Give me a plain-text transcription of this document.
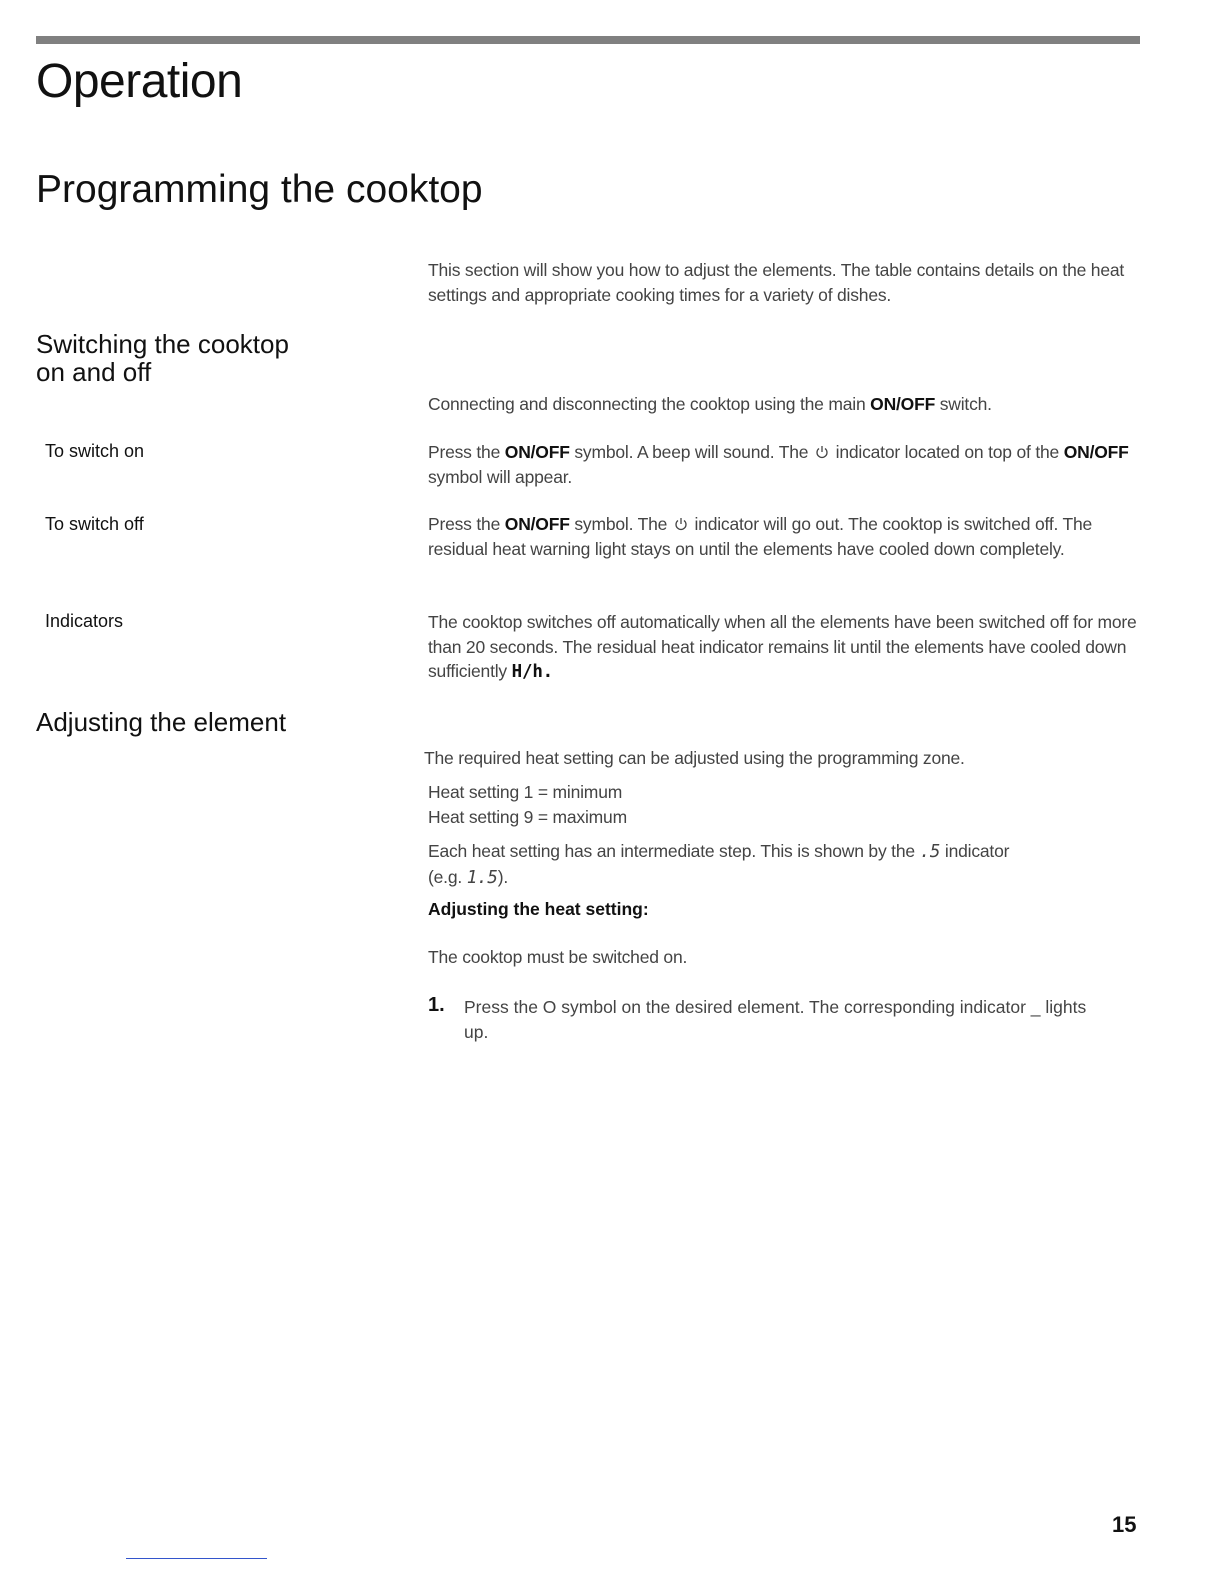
Operation
Programming the cooktop
This section will show you how to adjust the elements. The table contains details on the heat settings and appropriate cooking times for a variety of dishes.
Switching the cooktop
on and off
Connecting and disconnecting the cooktop using the main ON/OFF switch.
To switch on	Press the ON/OFF symbol. A beep will sound. The
indicator located on top of the ON/OFF symbol will appear.
To switch off	Press the ON/OFF symbol. The
indicator will go out. The cooktop is switched off. The residual heat warning light stays on until the elements have cooled down completely.
Indicators	The cooktop switches off automatically when all the elements have been switched off for more than 20 seconds. The residual heat indicator remains lit until the elements have cooled down sufficiently H/h.
Adjusting the element
The required heat setting can be adjusted using the programming zone.
Heat setting 1 = minimum
Heat setting 9 = maximum
Each heat setting has an intermediate step. This is shown by the .5 indicator
(e.g. 1.5).
Adjusting the heat setting:
The cooktop must be switched on.
1. Press the O symbol on the desired element. The corresponding indicator _ lights up.
15
